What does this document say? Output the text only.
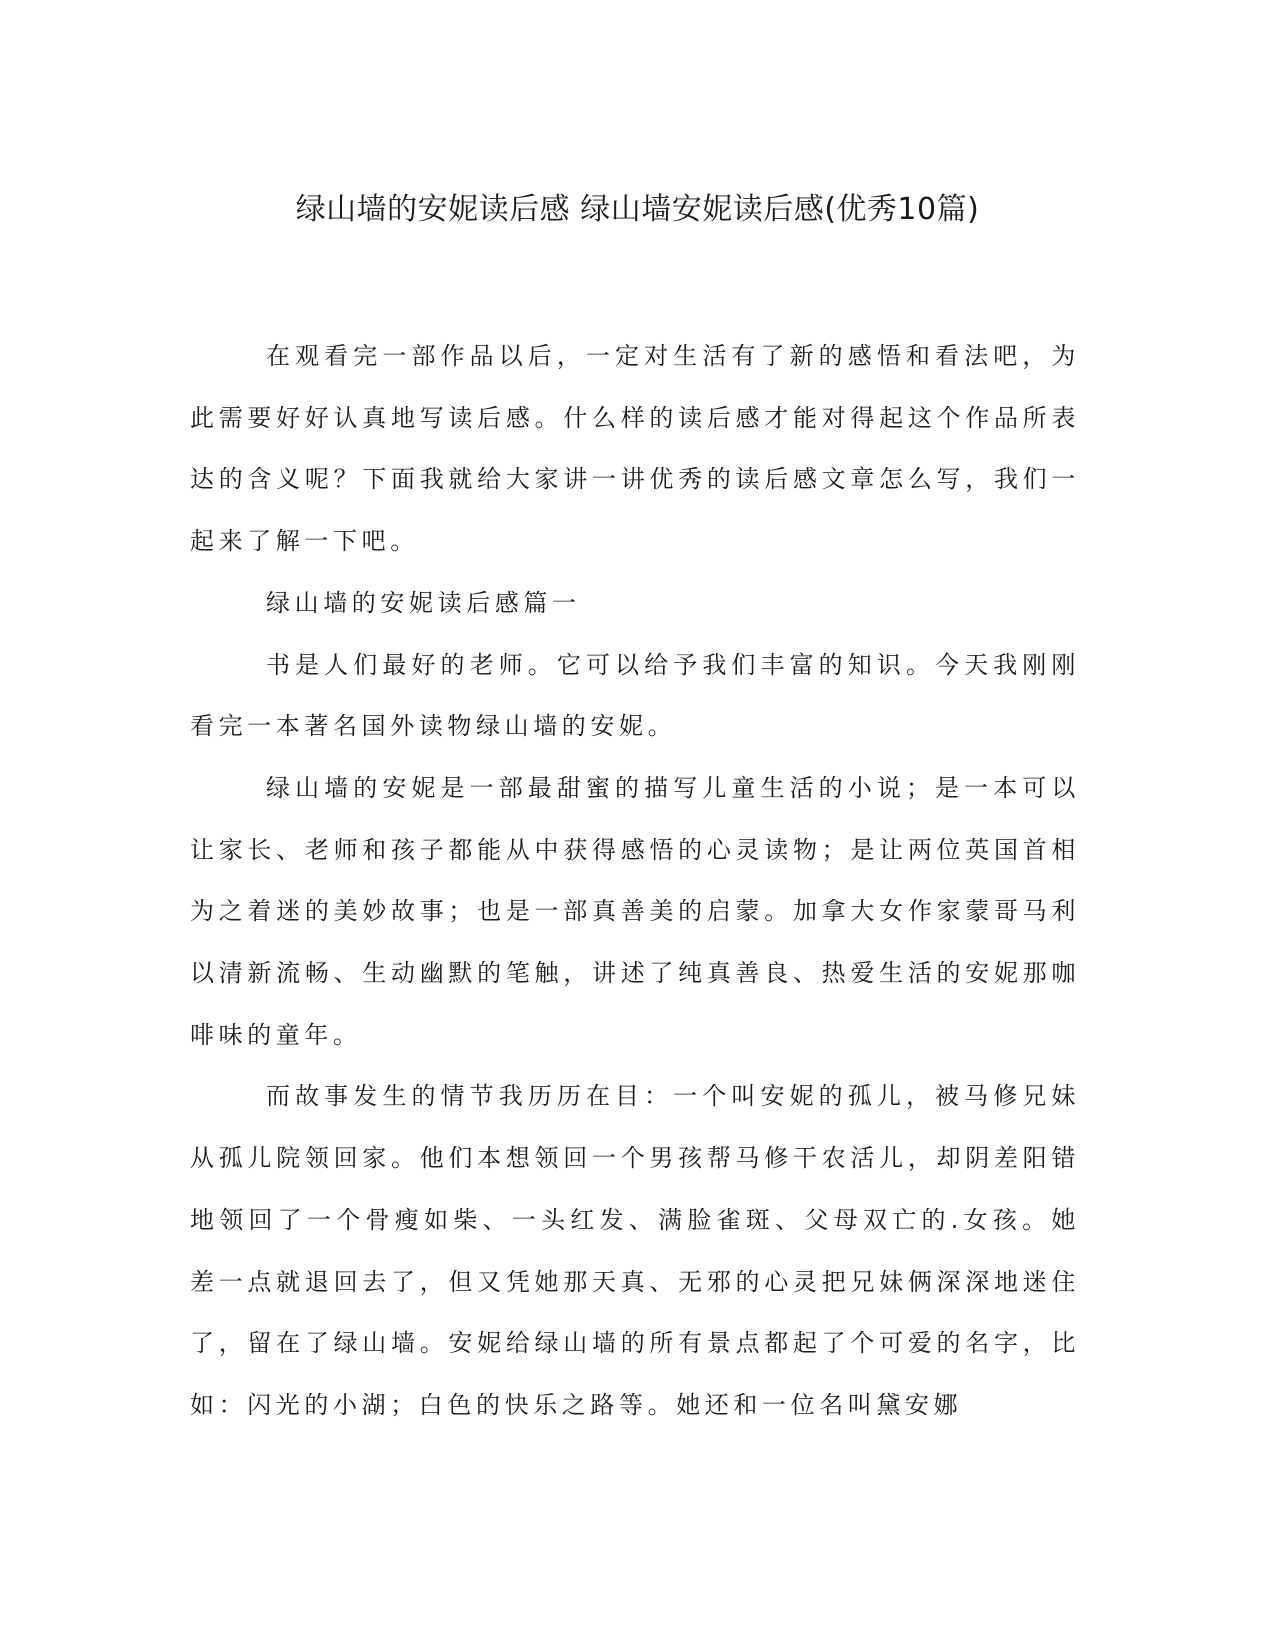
绿山墙的安妮读后感 绿山墙安妮读后感(优秀10篇)

在观看完一部作品以后，一定对生活有了新的感悟和看法吧，为此需要好好认真地写读后感。什么样的读后感才能对得起这个作品所表达的含义呢？下面我就给大家讲一讲优秀的读后感文章怎么写，我们一起来了解一下吧。

绿山墙的安妮读后感篇一

书是人们最好的老师。它可以给予我们丰富的知识。今天我刚刚看完一本著名国外读物绿山墙的安妮。

绿山墙的安妮是一部最甜蜜的描写儿童生活的小说；是一本可以让家长、老师和孩子都能从中获得感悟的心灵读物；是让两位英国首相为之着迷的美妙故事；也是一部真善美的启蒙。加拿大女作家蒙哥马利以清新流畅、生动幽默的笔触，讲述了纯真善良、热爱生活的安妮那咖啡味的童年。

而故事发生的情节我历历在目：一个叫安妮的孤儿，被马修兄妹从孤儿院领回家。他们本想领回一个男孩帮马修干农活儿，却阴差阳错地领回了一个骨瘦如柴、一头红发、满脸雀斑、父母双亡的.女孩。她差一点就退回去了，但又凭她那天真、无邪的心灵把兄妹俩深深地迷住了，留在了绿山墙。安妮给绿山墙的所有景点都起了个可爱的名字，比如：闪光的小湖；白色的快乐之路等。她还和一位名叫黛安娜
